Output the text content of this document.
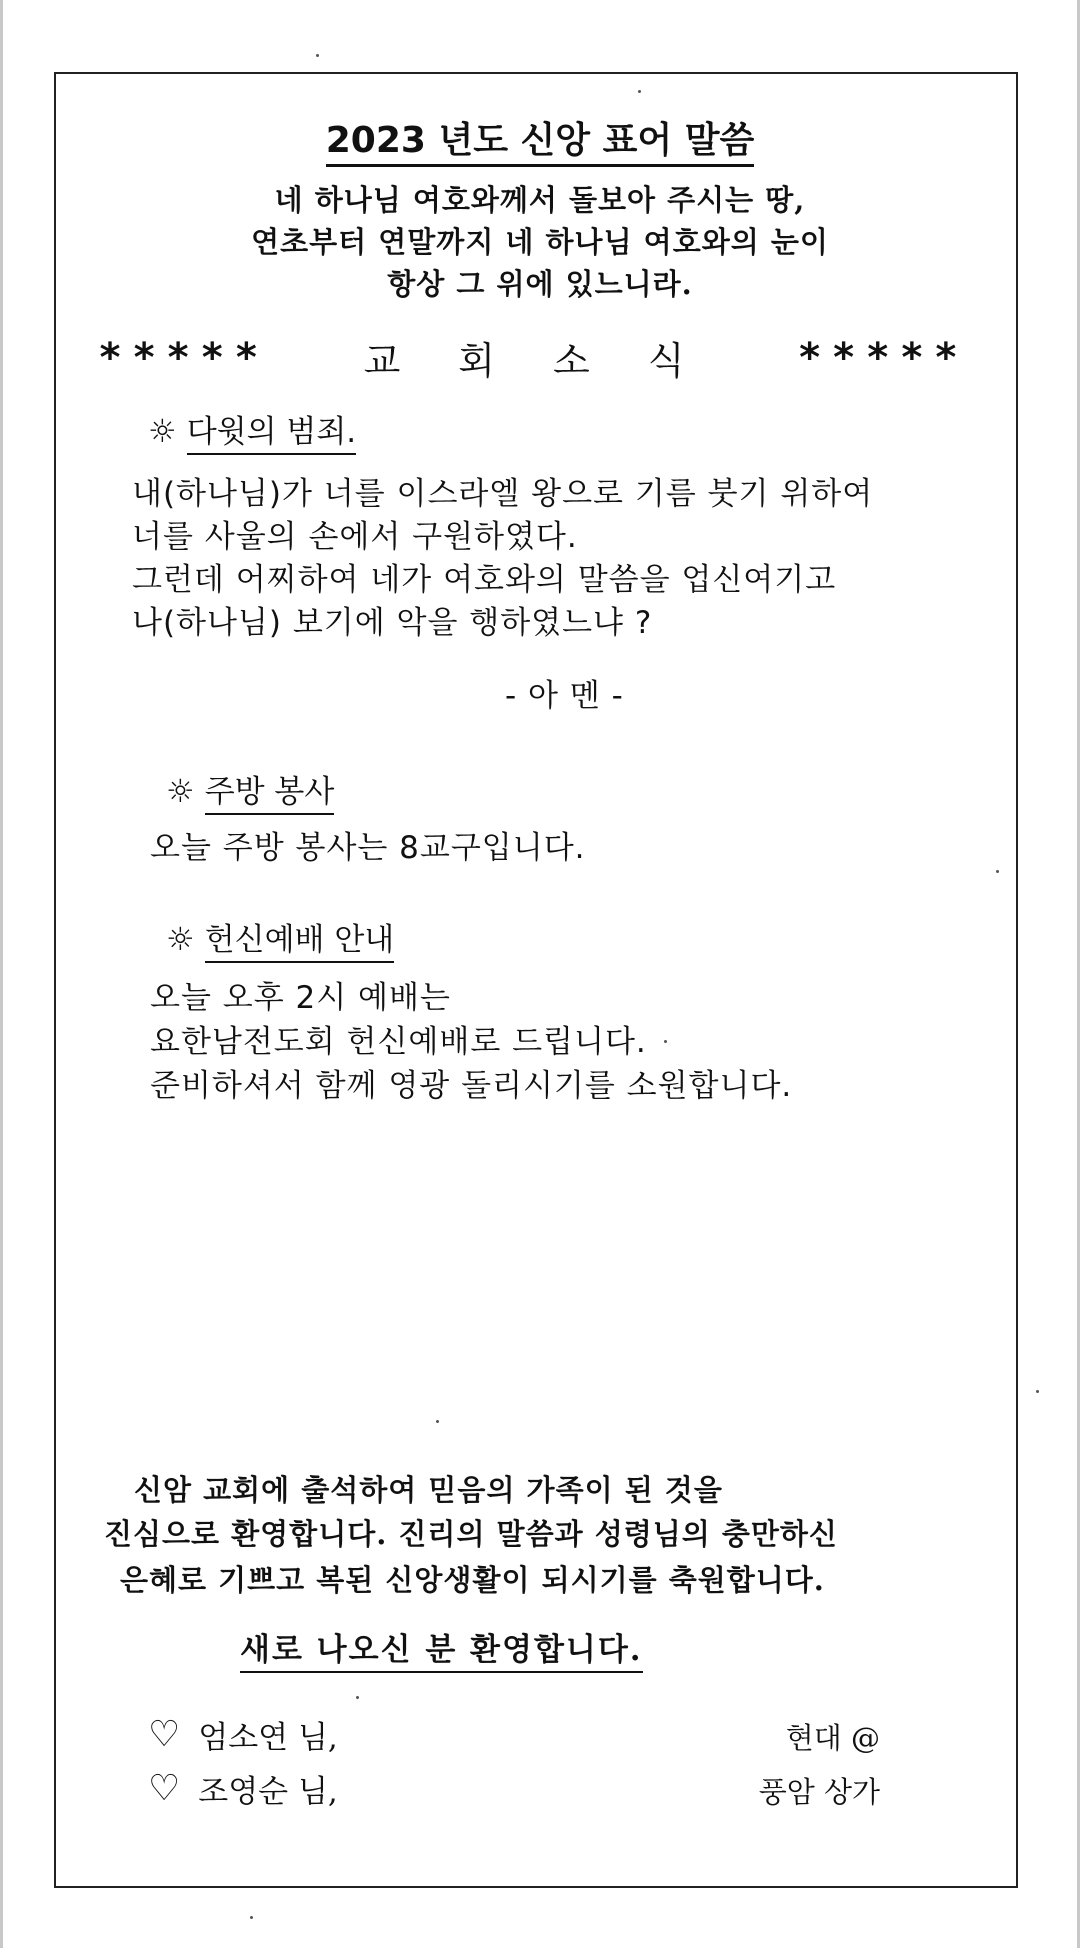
2023 년도 신앙 표어 말씀
네 하나님 여호와께서 돌보아 주시는 땅,
연초부터 연말까지 네 하나님 여호와의 눈이
항상 그 위에 있느니라.
*****	교회소식 *****
☼ 다윗의 범죄.
내(하나님)가 너를 이스라엘 왕으로 기름 붓기 위하여
너를 사울의 손에서 구원하였다.
그런데 어찌하여 네가 여호와의 말씀을 업신여기고
나(하나님) 보기에 악을 행하였느냐 ?
- 아 멘 -
☼ 주방 봉사
오늘 주방 봉사는 8교구입니다.
☼ 헌신예배 안내
오늘 오후 2시 예배는
요한남전도회 헌신예배로 드립니다.
준비하셔서 함께 영광 돌리시기를 소원합니다.
신암 교회에 출석하여 믿음의 가족이 된 것을
진심으로 환영합니다. 진리의 말씀과 성령님의 충만하신
은혜로 기쁘고 복된 신앙생활이 되시기를 축원합니다.
새로 나오신 분 환영합니다.
♡ 엄소연 님,	현대 @
♡ 조영순 님,	풍암 상가
